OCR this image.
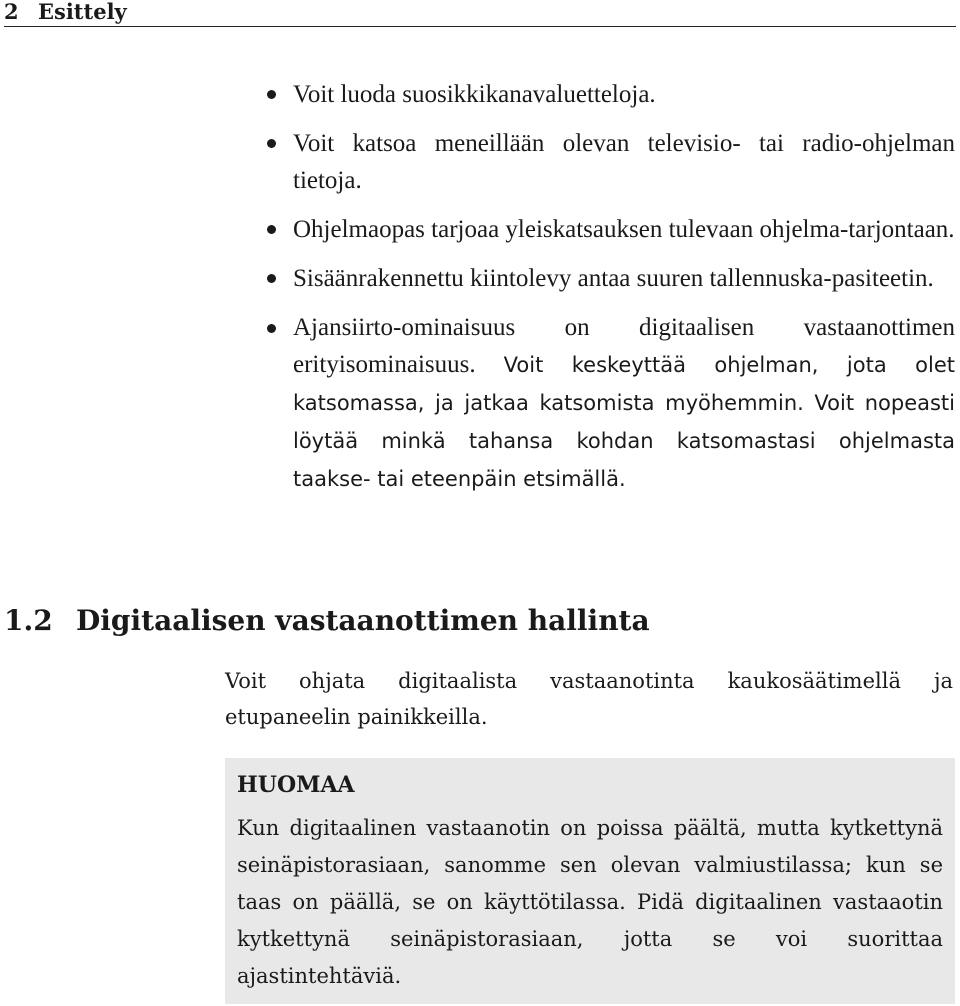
2 Esittely
Voit luoda suosikkikanavaluetteloja.
Voit katsoa meneillään olevan televisio- tai radio-ohjelman tietoja.
Ohjelmaopas tarjoaa yleiskatsauksen tulevaan ohjelma-tarjontaan.
Sisäänrakennettu kiintolevy antaa suuren tallennuska-pasiteetin.
Ajansiirto-ominaisuus on digitaalisen vastaanottimen erityisominaisuus. Voit keskeyttää ohjelman, jota olet katsomassa, ja jatkaa katsomista myöhemmin. Voit nopeasti löytää minkä tahansa kohdan katsomastasi ohjelmasta taakse- tai eteenpäin etsimällä.
1.2 Digitaalisen vastaanottimen hallinta

Voit ohjata digitaalista vastaanotinta kaukosäätimellä ja etupaneelin painikkeilla.

HUOMAA

Kun digitaalinen vastaanotin on poissa päältä, mutta kytkettynä seinäpistorasiaan, sanomme sen olevan valmiustilassa; kun se taas on päällä, se on käyttötilassa. Pidä digitaalinen vastaaotin kytkettynä seinäpistorasiaan, jotta se voi suorittaa ajastintehtäviä.
